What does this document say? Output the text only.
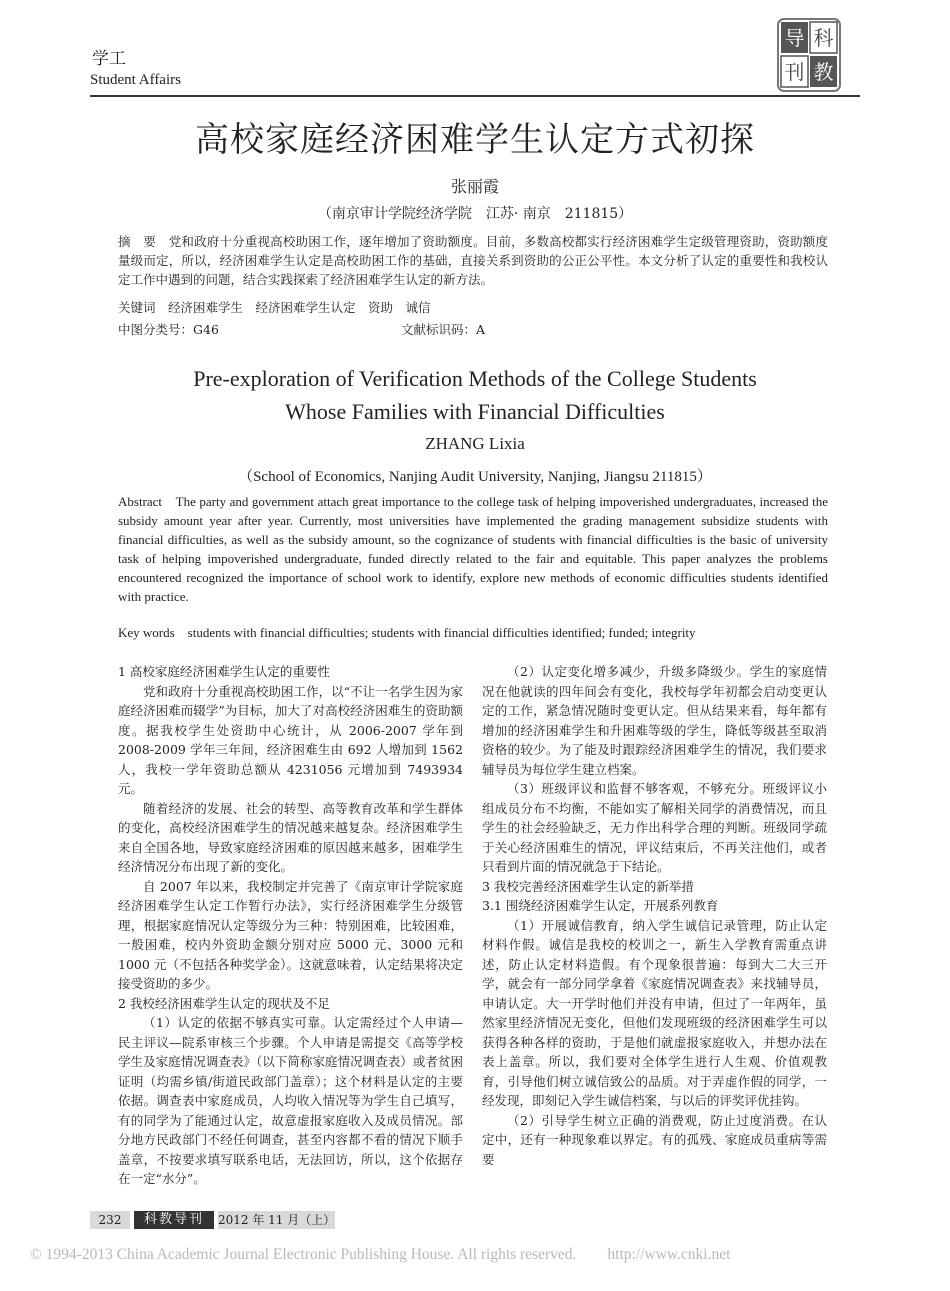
学工
Student Affairs
导 科
刊 教
高校家庭经济困难学生认定方式初探
张丽霞
（南京审计学院经济学院　江苏· 南京　211815）
摘　要　党和政府十分重视高校助困工作，逐年增加了资助额度。目前，多数高校都实行经济困难学生定级管理资助，资助额度量级而定，所以，经济困难学生认定是高校助困工作的基础，直接关系到资助的公正公平性。本文分析了认定的重要性和我校认定工作中遇到的问题，结合实践探索了经济困难学生认定的新方法。
关键词　经济困难学生　经济困难学生认定　资助　诚信
中图分类号：G46	文献标识码：A
Pre-exploration of Verification Methods of the College Students
Whose Families with Financial Difficulties
ZHANG Lixia
（School of Economics, Nanjing Audit University, Nanjing, Jiangsu 211815）
Abstract　The party and government attach great importance to the college task of helping impoverished undergraduates, increased the subsidy amount year after year. Currently, most universities have implemented the grading management subsidize students with financial difficulties, as well as the subsidy amount, so the cognizance of students with financial difficulties is the basic of university task of helping impoverished undergraduate, funded directly related to the fair and equitable. This paper analyzes the problems encountered recognized the importance of school work to identify, explore new methods of economic difficulties students identified with practice.
Key words　students with financial difficulties; students with financial difficulties identified; funded; integrity

1 高校家庭经济困难学生认定的重要性

党和政府十分重视高校助困工作，以“不让一名学生因为家庭经济困难而辍学”为目标，加大了对高校经济困难生的资助额度。据我校学生处资助中心统计，从 2006-2007 学年到 2008-2009 学年三年间，经济困难生由 692 人增加到 1562 人，我校一学年资助总额从 4231056 元增加到 7493934 元。

随着经济的发展、社会的转型、高等教育改革和学生群体的变化，高校经济困难学生的情况越来越复杂。经济困难学生来自全国各地，导致家庭经济困难的原因越来越多，困难学生经济情况分布出现了新的变化。

自 2007 年以来，我校制定并完善了《南京审计学院家庭经济困难学生认定工作暂行办法》，实行经济困难学生分级管理，根据家庭情况认定等级分为三种：特别困难，比较困难，一般困难，校内外资助金额分别对应 5000 元、3000 元和 1000 元（不包括各种奖学金）。这就意味着，认定结果将决定接受资助的多少。

2 我校经济困难学生认定的现状及不足

（1）认定的依据不够真实可靠。认定需经过个人申请—民主评议—院系审核三个步骤。个人申请是需提交《高等学校学生及家庭情况调查表》（以下简称家庭情况调查表）或者贫困证明（均需乡镇/街道民政部门盖章）；这个材料是认定的主要依据。调查表中家庭成员，人均收入情况等为学生自己填写，有的同学为了能通过认定，故意虚报家庭收入及成员情况。部分地方民政部门不经任何调查，甚至内容都不看的情况下顺手盖章，不按要求填写联系电话，无法回访，所以，这个依据存在一定“水分”。

（2）认定变化增多减少，升级多降级少。学生的家庭情况在他就读的四年间会有变化，我校每学年初都会启动变更认定的工作，紧急情况随时变更认定。但从结果来看，每年都有增加的经济困难学生和升困难等级的学生，降低等级甚至取消资格的较少。为了能及时跟踪经济困难学生的情况，我们要求辅导员为每位学生建立档案。

（3）班级评议和监督不够客观，不够充分。班级评议小组成员分布不均衡，不能如实了解相关同学的消费情况，而且学生的社会经验缺乏，无力作出科学合理的判断。班级同学疏于关心经济困难生的情况，评议结束后，不再关注他们，或者只看到片面的情况就急于下结论。

3 我校完善经济困难学生认定的新举措

3.1 围绕经济困难学生认定，开展系列教育

（1）开展诚信教育，纳入学生诚信记录管理，防止认定材料作假。诚信是我校的校训之一，新生入学教育需重点讲述，防止认定材料造假。有个现象很普遍：每到大二大三开学，就会有一部分同学拿着《家庭情况调查表》来找辅导员，申请认定。大一开学时他们并没有申请，但过了一年两年，虽然家里经济情况无变化，但他们发现班级的经济困难学生可以获得各种各样的资助，于是他们就虚报家庭收入，并想办法在表上盖章。所以，我们要对全体学生进行人生观、价值观教育，引导他们树立诚信致公的品质。对于弄虚作假的同学，一经发现，即刻记入学生诚信档案，与以后的评奖评优挂钩。

（2）引导学生树立正确的消费观，防止过度消费。在认定中，还有一种现象难以界定。有的孤残、家庭成员重病等需要

232	科教导刊	2012 年 11 月（上）
© 1994-2013 China Academic Journal Electronic Publishing House. All rights reserved.　　http://www.cnki.net
